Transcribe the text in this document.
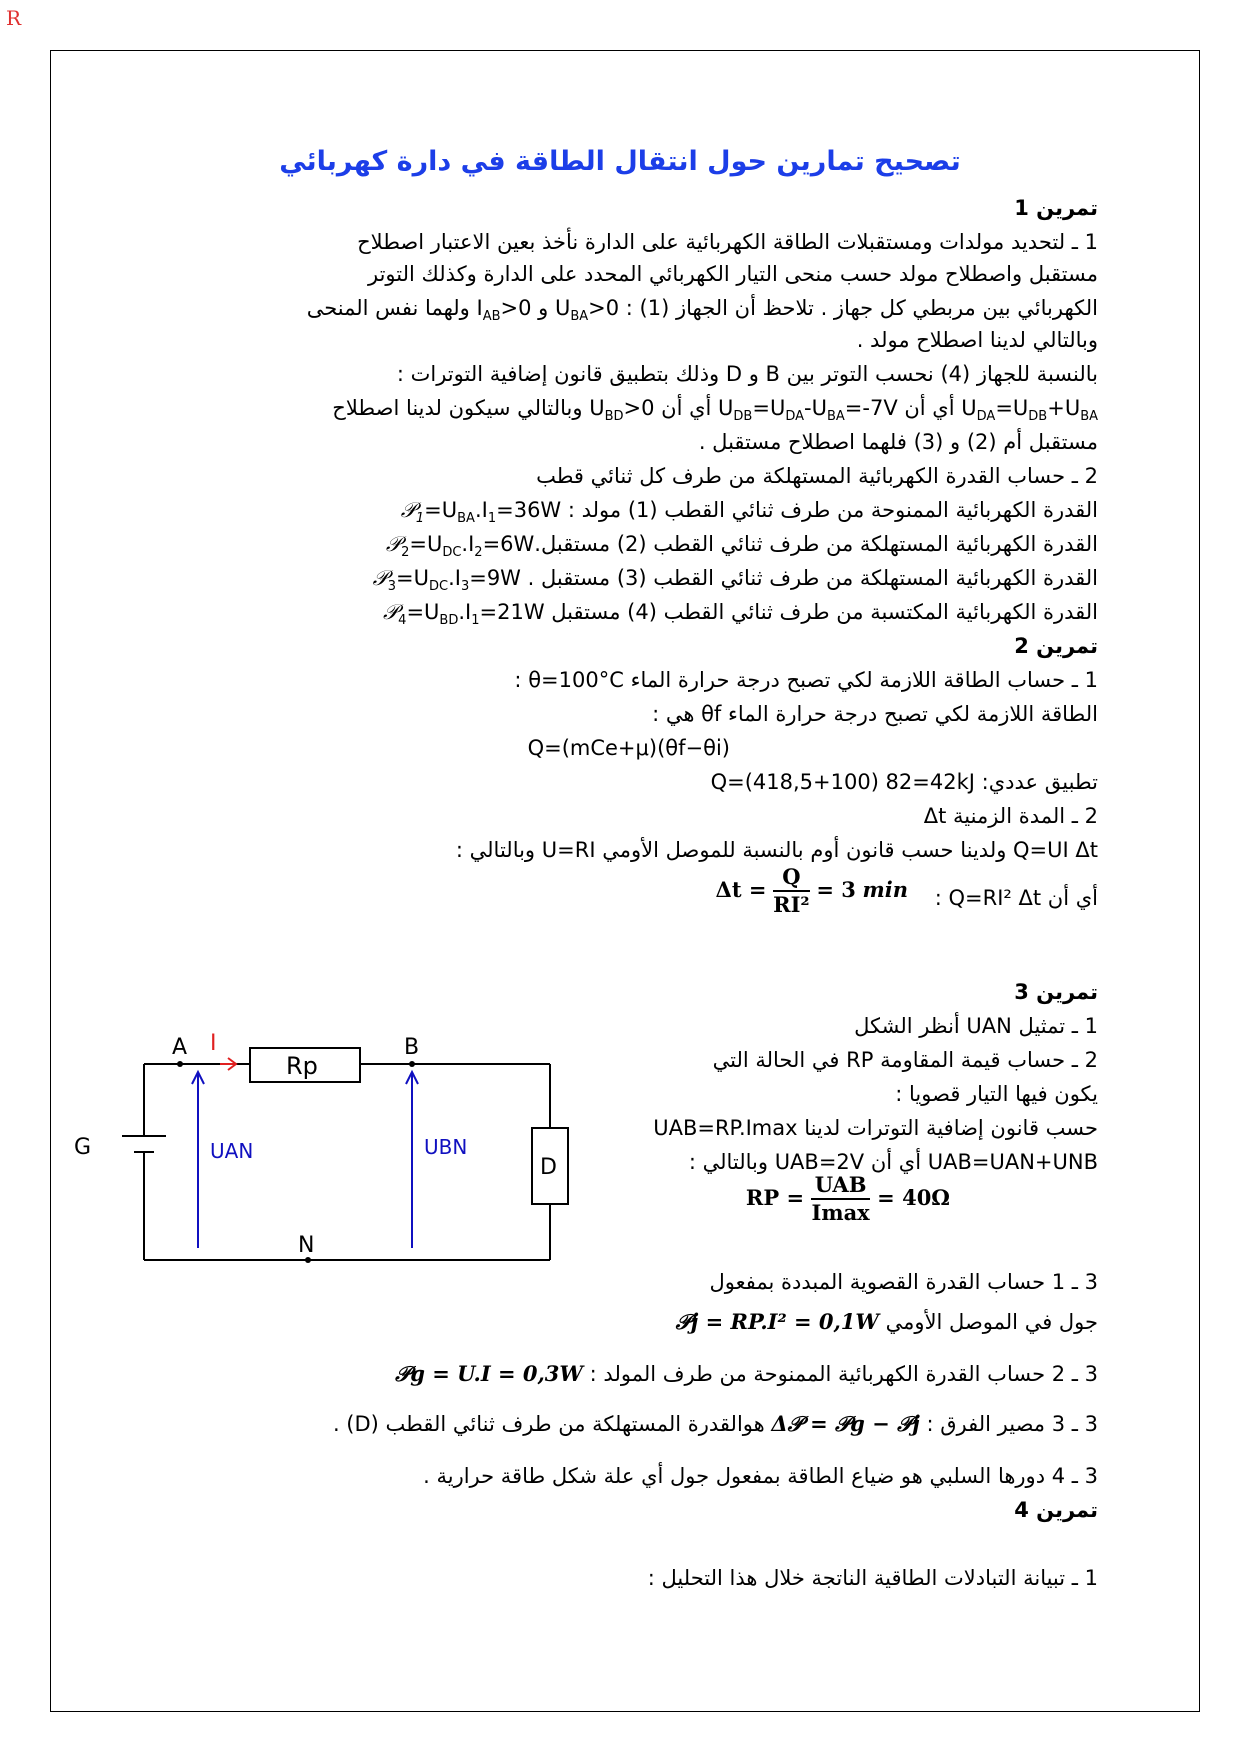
R
تصحيح تمارين حول انتقال الطاقة في دارة كهربائي
تمرين 1
1 ـ لتحديد مولدات ومستقبلات الطاقة الكهربائية على الدارة نأخذ بعين الاعتبار اصطلاح
مستقبل واصطلاح مولد حسب منحى التيار الكهربائي المحدد على الدارة وكذلك التوتر
الكهربائي بين مربطي كل جهاز . تلاحظ أن الجهاز (1) : $U_{BA}>0$ و $I_{AB}>0$ ولهما نفس المنحى
وبالتالي لدينا اصطلاح مولد .
بالنسبة للجهاز (4) نحسب التوتر بين B و D وذلك بتطبيق قانون إضافية التوترات :
$U_{DA}=U_{DB}+U_{BA}$ أي أن $U_{DB}=U_{DA}-U_{BA}=-7V$ أي أن $U_{BD}>0$ وبالتالي سيكون لدينا اصطلاح
مستقبل أم (2) و (3) فلهما اصطلاح مستقبل .
2 ـ حساب القدرة الكهربائية المستهلكة من طرف كل ثنائي قطب
القدرة الكهربائية الممنوحة من طرف ثنائي القطب (1) مولد : $𝒫_1=U_{BA}.I_1=36W$
القدرة الكهربائية المستهلكة من طرف ثنائي القطب (2) $مستقبل.𝒫_2=U_{DC}.I_2=6W$
القدرة الكهربائية المستهلكة من طرف ثنائي القطب (3) مستقبل $𝒫_3=U_{DC}.I_3=9W$ .
القدرة الكهربائية المكتسبة من طرف ثنائي القطب (4) مستقبل $𝒫_4=U_{BD}.I_1=21W$
تمرين 2
1 ـ حساب الطاقة اللازمة لكي تصبح درجة حرارة الماء θ=100°C :
الطاقة اللازمة لكي تصبح درجة حرارة الماء θf هي :
Q=(mCe+μ)(θf−θi)
تطبيق عددي: Q=(418,5+100) 82=42kJ
2 ـ المدة الزمنية Δt
Q=UI Δt ولدينا حسب قانون أوم بالنسبة للموصل الأومي U=RI وبالتالي :
أي أن Q=RI² Δt :
$\Delta t = \frac{Q}{\text{RI²}} = 3$ min
تمرين 3
1 ـ تمثيل UAN أنظر الشكل
2 ـ حساب قيمة المقاومة RP في الحالة التي
يكون فيها التيار قصويا :
حسب قانون إضافية التوترات لدينا UAB=RP.Imax
UAB=UAN+UNB أي أن UAB=2V وبالتالي :
RP = $\frac{\text{UAB}}{Imax} = 40\Omega$
3 ـ 1 حساب القدرة القصوية المبددة بمفعول
جول في الموصل الأومي 𝒫j = RP.I² = 0,1W
3 ـ 2 حساب القدرة الكهربائية الممنوحة من طرف المولد : 𝒫g = U.I = 0,3W
3 ـ 3 مصير الفرق : Δ𝒫 = 𝒫g − 𝒫j هوالقدرة المستهلكة من طرف ثنائي القطب (D) .
3 ـ 4 دورها السلبي هو ضياع الطاقة بمفعول جول أي علة شكل طاقة حرارية .
تمرين 4
1 ـ تبيانة التبادلات الطاقية الناتجة خلال هذا التحليل :
A I
Rp
B
G	UAN	UBN
D
N
